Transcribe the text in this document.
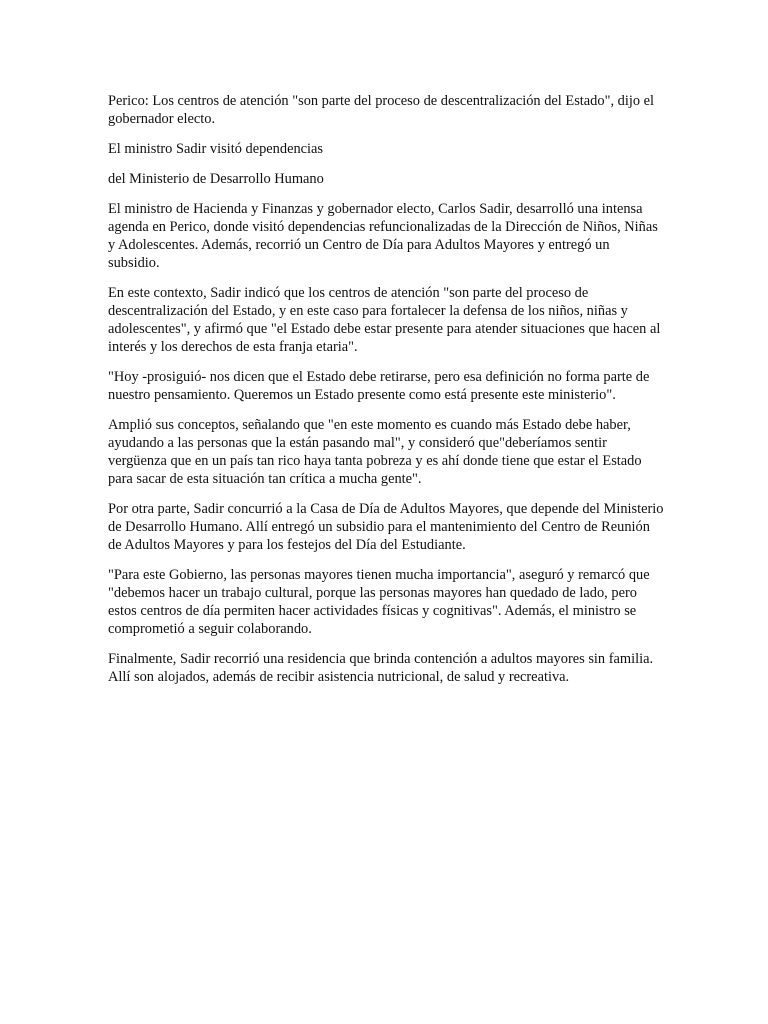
Perico: Los centros de atención "son parte del proceso de descentralización del Estado", dijo el gobernador electo.

El ministro Sadir visitó dependencias

del Ministerio de Desarrollo Humano

El ministro de Hacienda y Finanzas y gobernador electo, Carlos Sadir, desarrolló una intensa agenda en Perico, donde visitó dependencias refuncionalizadas de la Dirección de Niños, Niñas y Adolescentes. Además, recorrió un Centro de Día para Adultos Mayores y entregó un subsidio.

En este contexto, Sadir indicó que los centros de atención "son parte del proceso de descentralización del Estado, y en este caso para fortalecer la defensa de los niños, niñas y adolescentes", y afirmó que "el Estado debe estar presente para atender situaciones que hacen al interés y los derechos de esta franja etaria".

"Hoy -prosiguió- nos dicen que el Estado debe retirarse, pero esa definición no forma parte de nuestro pensamiento. Queremos un Estado presente como está presente este ministerio".

Amplió sus conceptos, señalando que "en este momento es cuando más Estado debe haber, ayudando a las personas que la están pasando mal", y consideró que"deberíamos sentir vergüenza que en un país tan rico haya tanta pobreza y es ahí donde tiene que estar el Estado para sacar de esta situación tan crítica a mucha gente".

Por otra parte, Sadir concurrió a la Casa de Día de Adultos Mayores, que depende del Ministerio de Desarrollo Humano. Allí entregó un subsidio para el mantenimiento del Centro de Reunión de Adultos Mayores y para los festejos del Día del Estudiante.

"Para este Gobierno, las personas mayores tienen mucha importancia", aseguró y remarcó que "debemos hacer un trabajo cultural, porque las personas mayores han quedado de lado, pero estos centros de día permiten hacer actividades físicas y cognitivas". Además, el ministro se comprometió a seguir colaborando.

Finalmente, Sadir recorrió una residencia que brinda contención a adultos mayores sin familia. Allí son alojados, además de recibir asistencia nutricional, de salud y recreativa.
